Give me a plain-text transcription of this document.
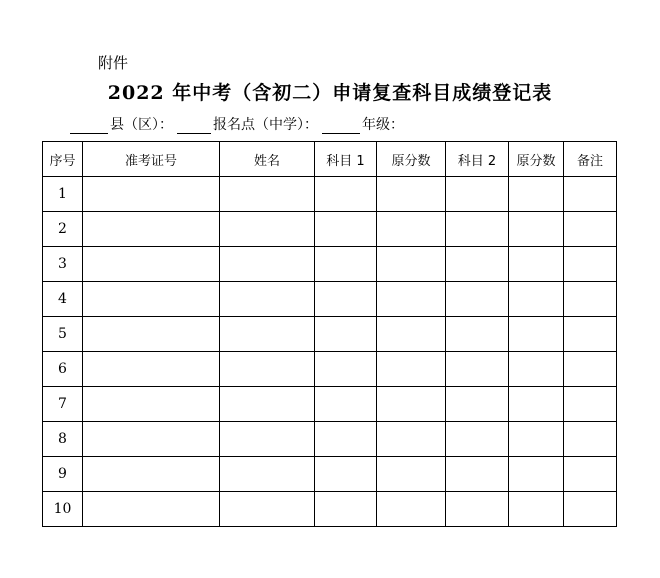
附件
2022 年中考（含初二）申请复查科目成绩登记表
县（区）：	报名点（中学）：	年级：
序号	准考证号	姓名	科目 1	原分数	科目 2	原分数	备注
1							
2							
3							
4							
5							
6							
7							
8							
9							
10							
